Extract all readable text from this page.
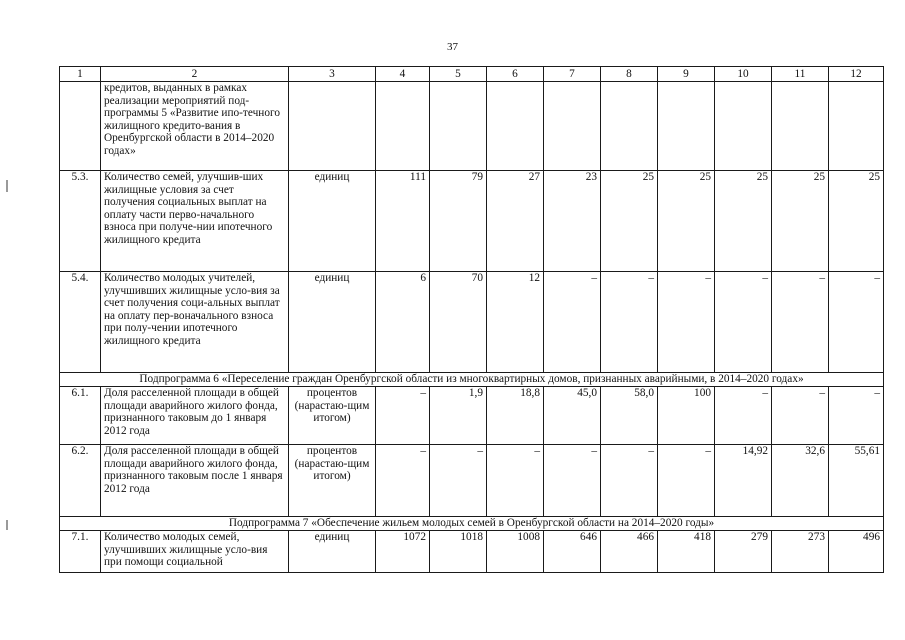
37
1	2	3	4	5	6	7	8	9	10	11	12
	кредитов, выданных в рамках реализации мероприятий под-программы 5 «Развитие ипо-течного жилищного кредито-вания в Оренбургской области в 2014–2020 годах»										
5.3.	Количество семей, улучшив-ших жилищные условия за счет получения социальных выплат на оплату части перво-начального взноса при получе-нии ипотечного жилищного кредита	единиц	111	79	27	23	25	25	25	25	25
5.4.	Количество молодых учителей, улучшивших жилищные усло-вия за счет получения соци-альных выплат на оплату пер-воначального взноса при полу-чении ипотечного жилищного кредита	единиц	6	70	12	–	–	–	–	–	–
Подпрограмма 6 «Переселение граждан Оренбургской области из многоквартирных домов, признанных аварийными, в 2014–2020 годах»											
6.1.	Доля расселенной площади в общей площади аварийного жилого фонда, признанного таковым до 1 января 2012 года	процентов (нарастаю-щим итогом)	–	1,9	18,8	45,0	58,0	100	–	–	–
6.2.	Доля расселенной площади в общей площади аварийного жилого фонда, признанного таковым после 1 января 2012 года	процентов (нарастаю-щим итогом)	–	–	–	–	–	–	14,92	32,6	55,61
Подпрограмма 7 «Обеспечение жильем молодых семей в Оренбургской области на 2014–2020 годы»											
7.1.	Количество молодых семей, улучшивших жилищные усло-вия при помощи социальной	единиц	1072	1018	1008	646	466	418	279	273	496
